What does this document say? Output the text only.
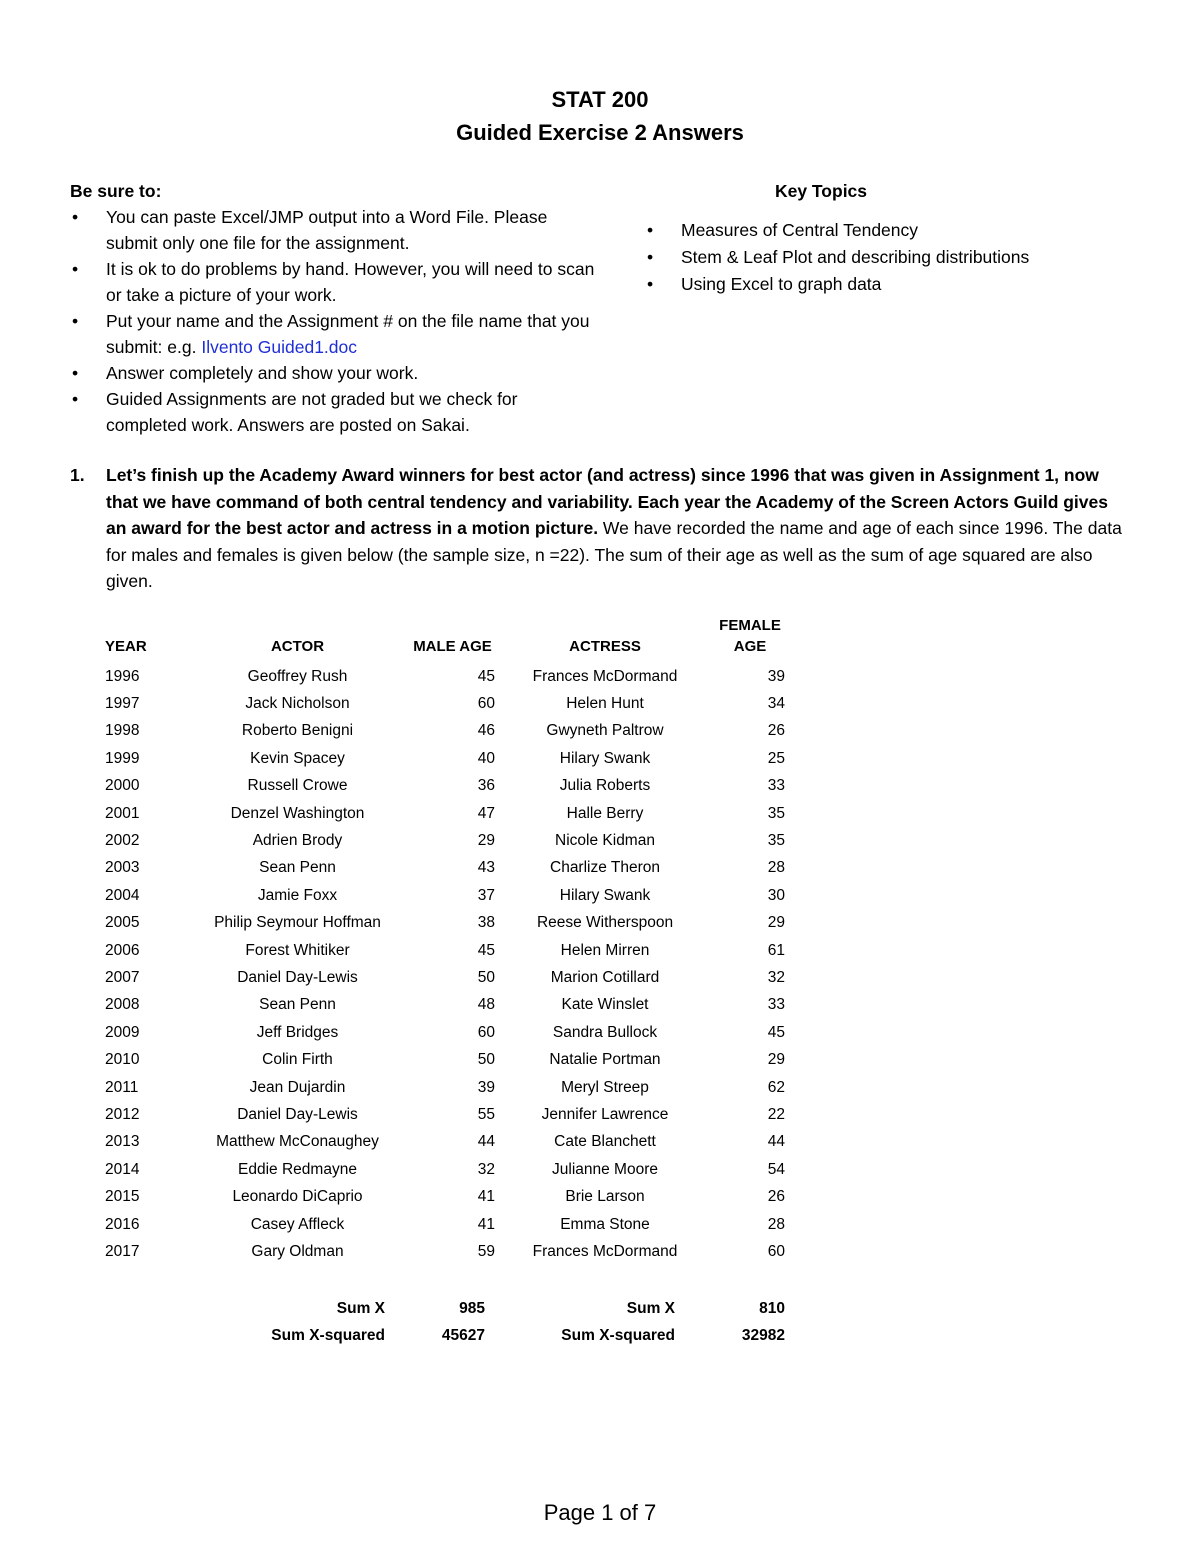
STAT 200
Guided Exercise 2 Answers
Be sure to:
• You can paste Excel/JMP output into a Word File. Please submit only one file for the assignment.
• It is ok to do problems by hand. However, you will need to scan or take a picture of your work.
• Put your name and the Assignment # on the file name that you submit: e.g. Ilvento Guided1.doc
• Answer completely and show your work.
• Guided Assignments are not graded but we check for completed work. Answers are posted on Sakai.
Key Topics
• Measures of Central Tendency
• Stem & Leaf Plot and describing distributions
• Using Excel to graph data
1. Let’s finish up the Academy Award winners for best actor (and actress) since 1996 that was given in Assignment 1, now that we have command of both central tendency and variability. Each year the Academy of the Screen Actors Guild gives an award for the best actor and actress in a motion picture. We have recorded the name and age of each since 1996. The data for males and females is given below (the sample size, n =22). The sum of their age as well as the sum of age squared are also given.
YEAR	ACTOR	MALE AGE	ACTRESS	FEMALE
AGE
1996	Geoffrey Rush	45	Frances McDormand	39
1997	Jack Nicholson	60	Helen Hunt	34
1998	Roberto Benigni	46	Gwyneth Paltrow	26
1999	Kevin Spacey	40	Hilary Swank	25
2000	Russell Crowe	36	Julia Roberts	33
2001	Denzel Washington	47	Halle Berry	35
2002	Adrien Brody	29	Nicole Kidman	35
2003	Sean Penn	43	Charlize Theron	28
2004	Jamie Foxx	37	Hilary Swank	30
2005	Philip Seymour Hoffman	38	Reese Witherspoon	29
2006	Forest Whitiker	45	Helen Mirren	61
2007	Daniel Day-Lewis	50	Marion Cotillard	32
2008	Sean Penn	48	Kate Winslet	33
2009	Jeff Bridges	60	Sandra Bullock	45
2010	Colin Firth	50	Natalie Portman	29
2011	Jean Dujardin	39	Meryl Streep	62
2012	Daniel Day-Lewis	55	Jennifer Lawrence	22
2013	Matthew McConaughey	44	Cate Blanchett	44
2014	Eddie Redmayne	32	Julianne Moore	54
2015	Leonardo DiCaprio	41	Brie Larson	26
2016	Casey Affleck	41	Emma Stone	28
2017	Gary Oldman	59	Frances McDormand	60
Sum X	985	Sum X	810
Sum X-squared	45627	Sum X-squared	32982
Page 1 of 7
